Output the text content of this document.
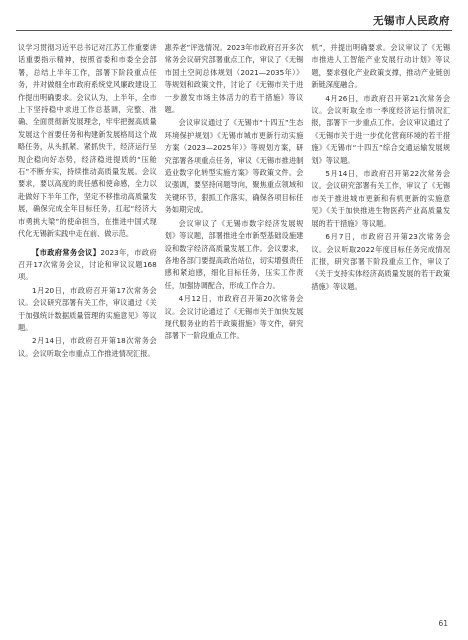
无锡市人民政府

议学习贯彻习近平总书记对江苏工作重要讲话重要指示精神，按照省委和市委全会部署，总结上半年工作，部署下阶段重点任务，并对做细全市政府系统党风廉政建设工作提出明确要求。会议认为，上半年，全市上下坚持稳中求进工作总基调，完整、准确、全面贯彻新发展理念，牢牢把握高质量发展这个首要任务和构建新发展格局这个战略任务，从头抓紧、紧抓快干，经济运行呈现企稳向好态势，经济稳进提质的“压舱石”不断夯实，持续推动高质量发展。会议要求，要以高度的责任感和使命感，全力以赴做好下半年工作，坚定不移推动高质量发展，确保完成全年目标任务，扛起“经济大市勇挑大梁”的使命担当，在推进中国式现代化无锡新实践中走在前、做示范。

【市政府常务会议】2023年，市政府召开17次常务会议，讨论和审议议题168项。

1月20日，市政府召开第17次常务会议。会议研究部署有关工作，审议通过《关于加强统计数据质量管理的实施意见》等议题。

2月14日，市政府召开第18次常务会议。会议听取全市重点工作推进情况汇报。

惠养老”评选情况。2023年市政府召开多次常务会议研究部署重点工作，审议了《无锡市国土空间总体规划（2021—2035年）》等规划和政策文件，讨论了《无锡市关于进一步激发市场主体活力的若干措施》等议题。

会议审议通过了《无锡市“十四五”生态环境保护规划》《无锡市城市更新行动实施方案（2023—2025年）》等规划方案，研究部署各项重点任务，审议《无锡市推进制造业数字化转型实施方案》等政策文件。会议强调，要坚持问题导向，聚焦重点领域和关键环节，狠抓工作落实，确保各项目标任务如期完成。

会议审议了《无锡市数字经济发展规划》等议题，部署推进全市新型基础设施建设和数字经济高质量发展工作。会议要求，各地各部门要提高政治站位，切实增强责任感和紧迫感，细化目标任务，压实工作责任，加强协调配合，形成工作合力。

4月12日，市政府召开第20次常务会议。会议讨论通过了《无锡市关于加快发展现代服务业的若干政策措施》等文件，研究部署下一阶段重点工作。

机”，并提出明确要求。会议审议了《无锡市推进人工智能产业发展行动计划》等议题，要求强化产业政策支撑，推动产业链创新链深度融合。

4月26日，市政府召开第21次常务会议。会议听取全市一季度经济运行情况汇报，部署下一步重点工作。会议审议通过了《无锡市关于进一步优化营商环境的若干措施》《无锡市“十四五”综合交通运输发展规划》等议题。

5月14日，市政府召开第22次常务会议。会议研究部署有关工作，审议了《无锡市关于推进城市更新和有机更新的实施意见》《关于加快推进生物医药产业高质量发展的若干措施》等议题。

6月7日，市政府召开第23次常务会议。会议听取2022年度目标任务完成情况汇报，研究部署下阶段重点工作，审议了《关于支持实体经济高质量发展的若干政策措施》等议题。

61
